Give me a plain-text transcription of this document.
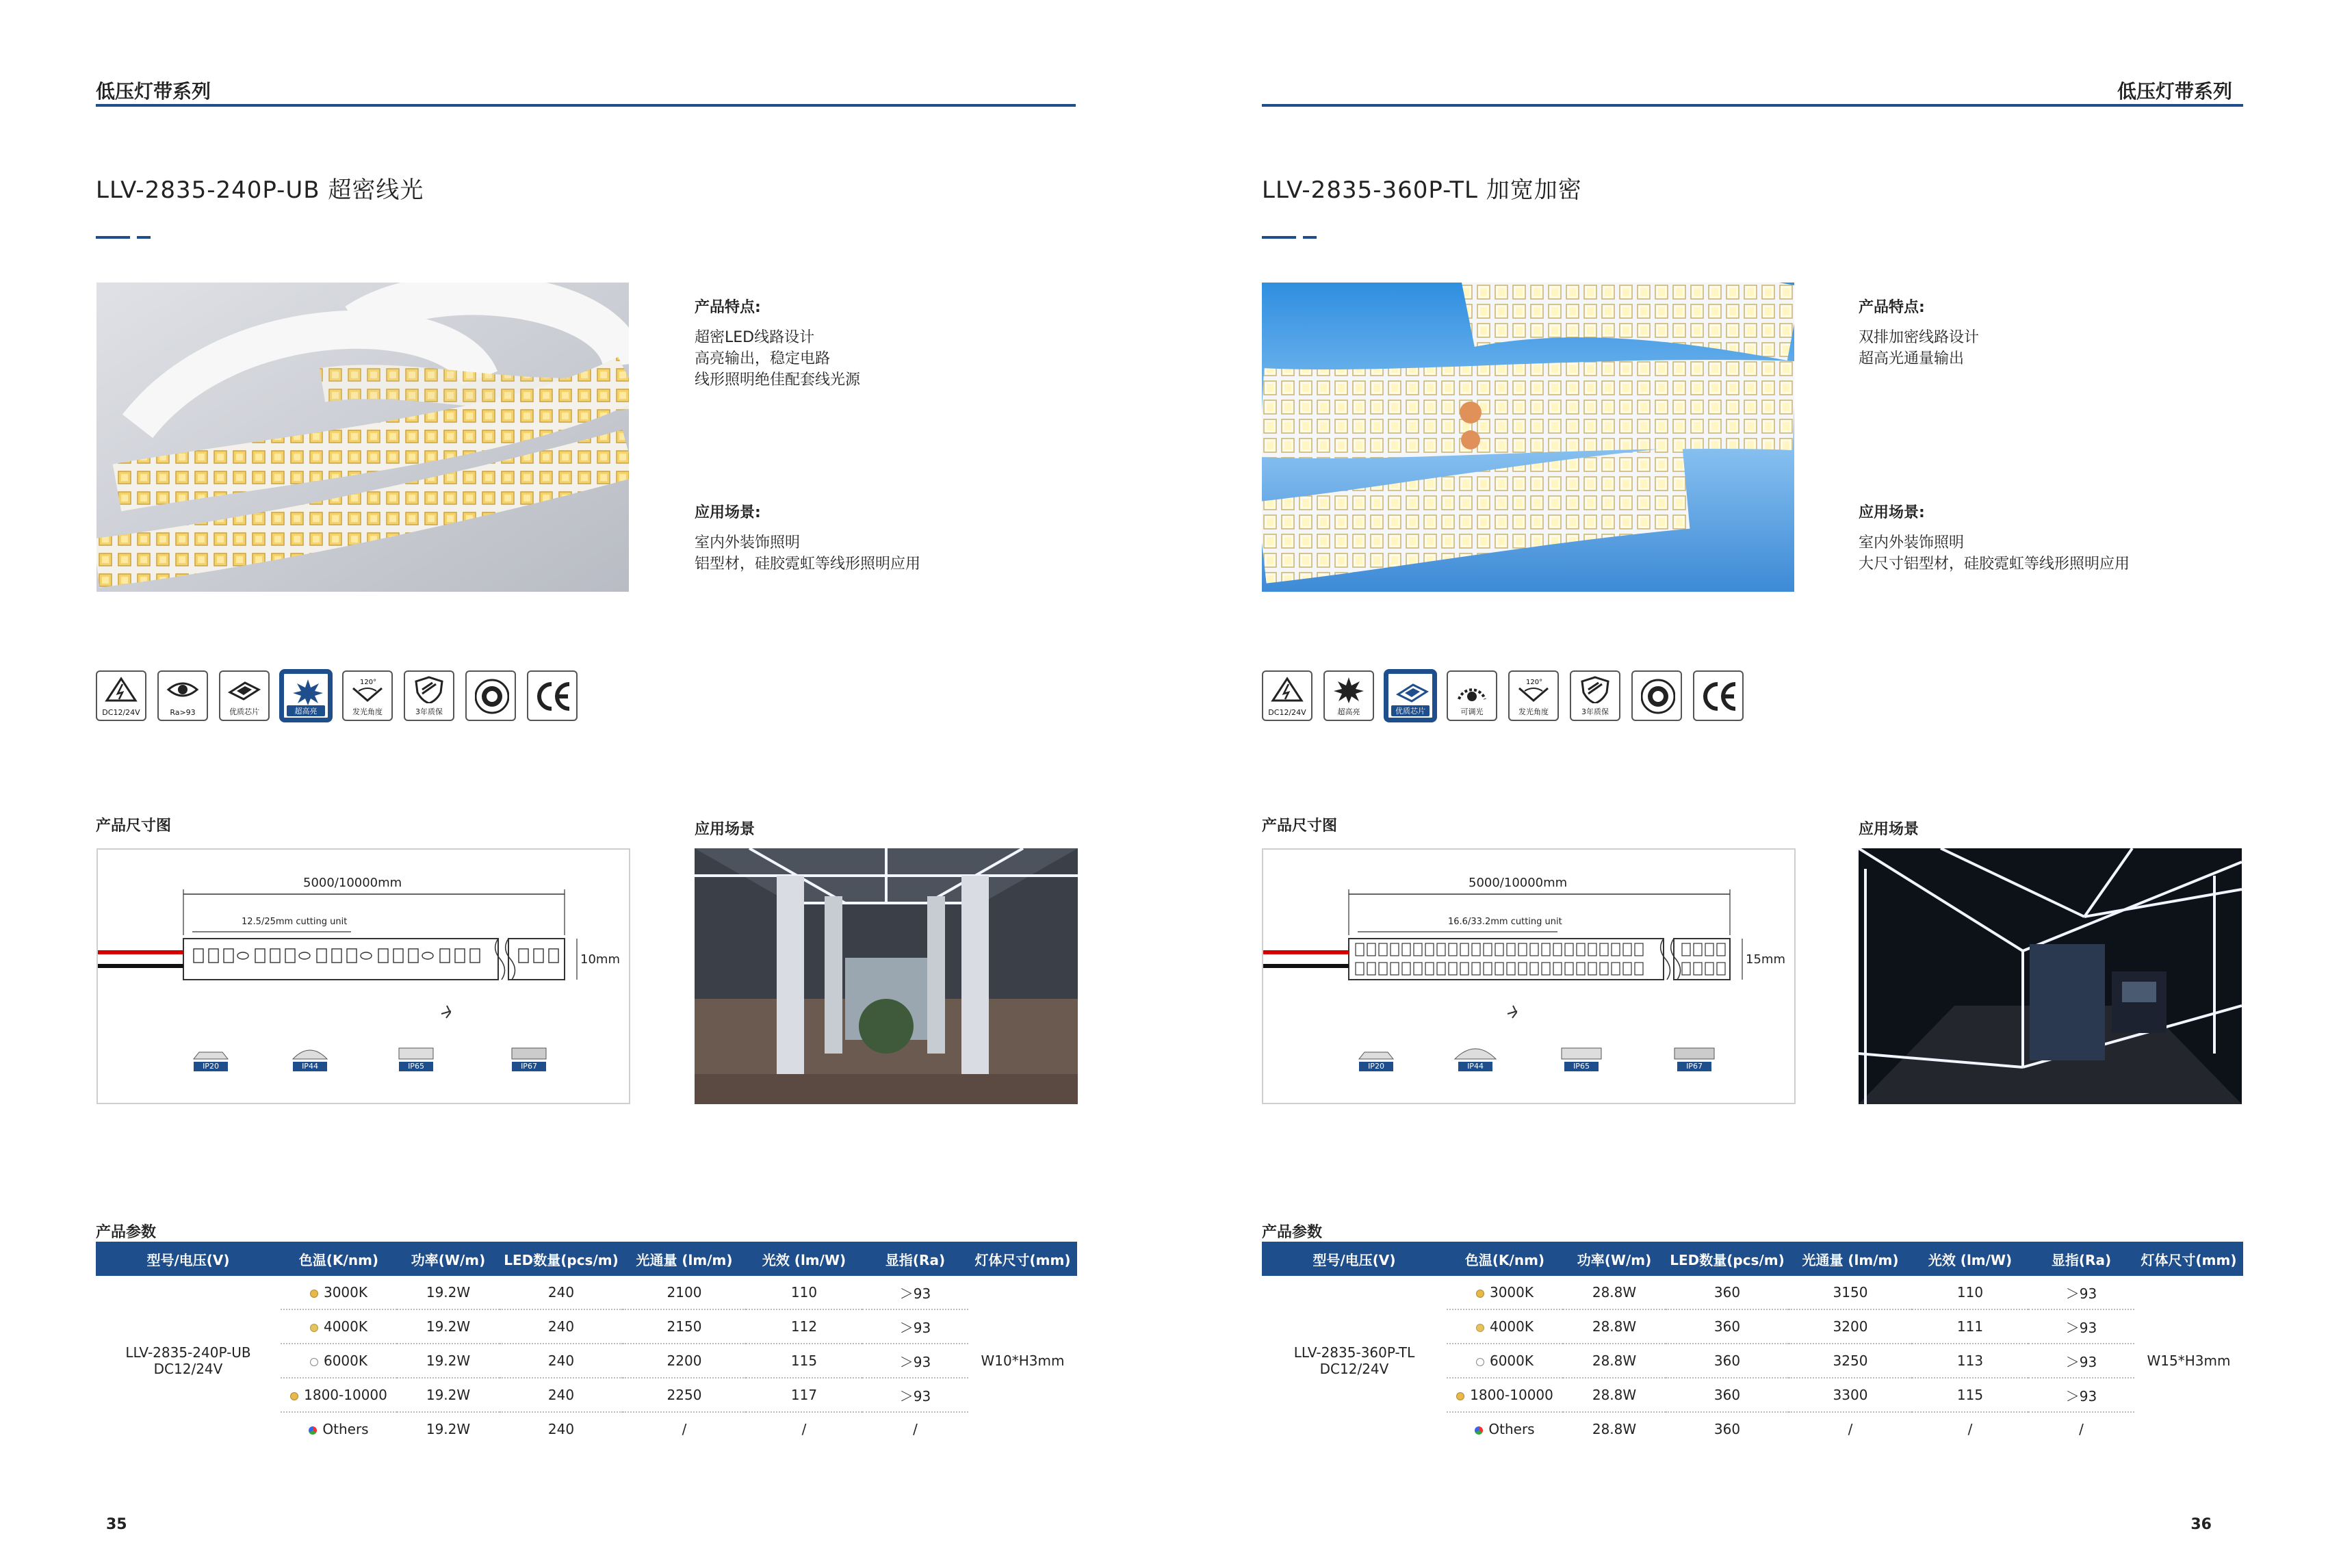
低压灯带系列
LLV-2835-240P-UB 超密线光
产品特点:
超密LED线路设计
高亮输出，稳定电路
线形照明绝佳配套线光源
应用场景:
室内外装饰照明
铝型材，硅胶霓虹等线形照明应用
DC12/24V	Ra>93	优质芯片	超高亮
120°
发光角度	3年质保
产品尺寸图	应用场景
5000/10000mm
12.5/25mm cutting unit
10mm
IP20	IP44	IP65	IP67
产品参数
型号/电压(V)	色温(K/nm)	功率(W/m)	LED数量(pcs/m)	光通量 (lm/m)	光效 (lm/W)	显指(Ra)	灯体尺寸(mm)

LLV-2835-240P-UB
DC12/24V	3000K	19.2W	240	2100	110	＞93	W10*H3mm
	4000K	19.2W	240	2150	112	＞93	
	6000K	19.2W	240	2200	115	＞93	
	1800-10000	19.2W	240	2250	117	＞93	
	Others	19.2W	240	/	/	/	
35
低压灯带系列
LLV-2835-360P-TL 加宽加密
产品特点:
双排加密线路设计
超高光通量输出
应用场景:
室内外装饰照明
大尺寸铝型材，硅胶霓虹等线形照明应用
DC12/24V	超高亮	优质芯片	可调光
120°
发光角度	3年质保
产品尺寸图	应用场景
5000/10000mm
16.6/33.2mm cutting unit
15mm
IP20	IP44	IP65	IP67
产品参数
型号/电压(V)	色温(K/nm)	功率(W/m)	LED数量(pcs/m)	光通量 (lm/m)	光效 (lm/W)	显指(Ra)	灯体尺寸(mm)

LLV-2835-360P-TL
DC12/24V	3000K	28.8W	360	3150	110	＞93	W15*H3mm
	4000K	28.8W	360	3200	111	＞93	
	6000K	28.8W	360	3250	113	＞93	
	1800-10000	28.8W	360	3300	115	＞93	
	Others	28.8W	360	/	/	/	
36
